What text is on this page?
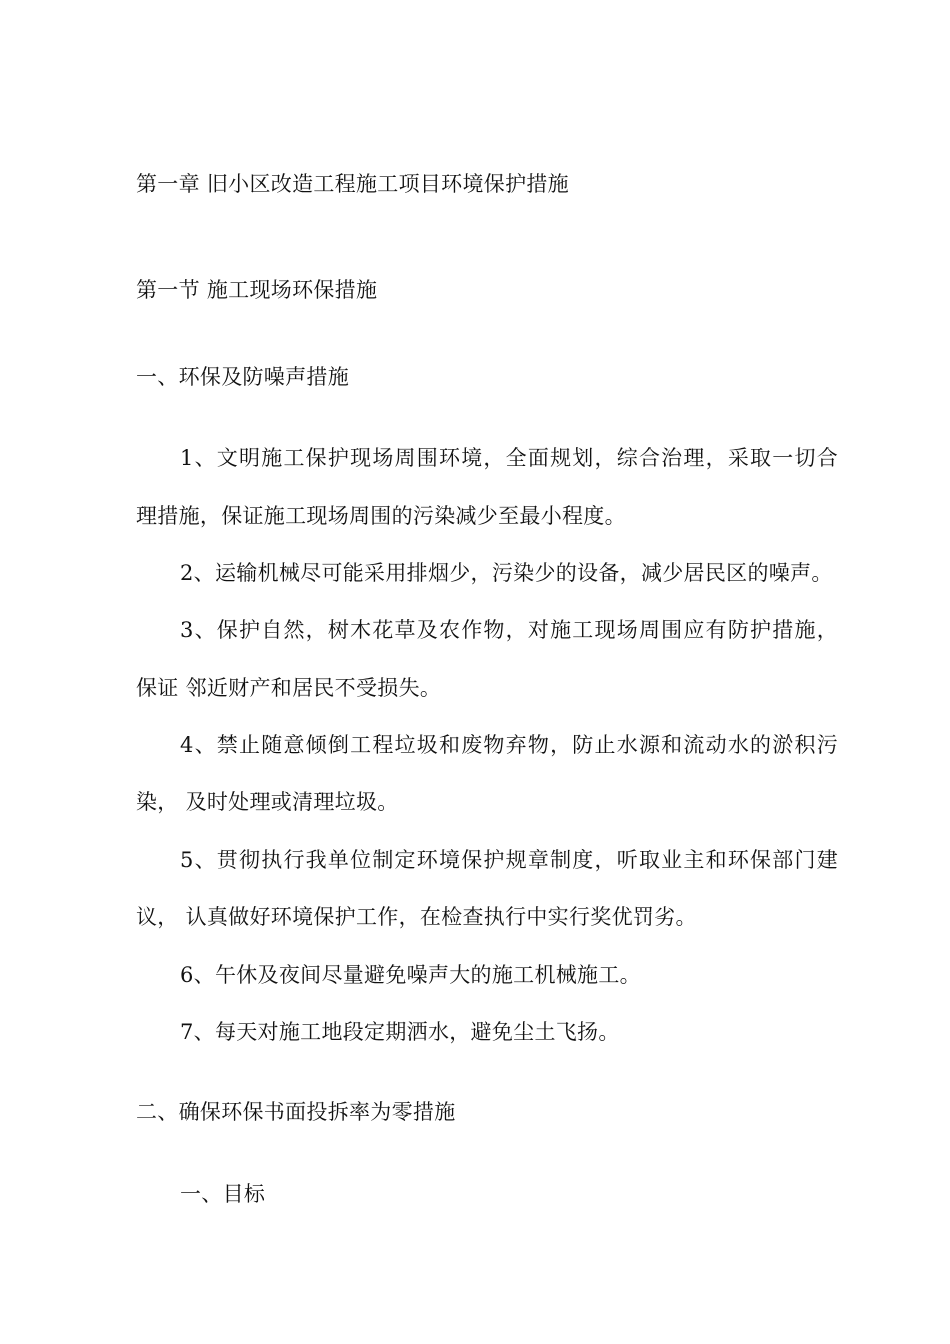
第一章 旧小区改造工程施工项目环境保护措施
第一节 施工现场环保措施
一、环保及防噪声措施
1、文明施工保护现场周围环境，全面规划，综合治理，采取一切合
理措施，保证施工现场周围的污染减少至最小程度。
2、运输机械尽可能采用排烟少，污染少的设备，减少居民区的噪声。
3、保护自然，树木花草及农作物，对施工现场周围应有防护措施，
保证 邻近财产和居民不受损失。
4、禁止随意倾倒工程垃圾和废物弃物，防止水源和流动水的淤积污
染， 及时处理或清理垃圾。
5、贯彻执行我单位制定环境保护规章制度，听取业主和环保部门建
议， 认真做好环境保护工作，在检查执行中实行奖优罚劣。
6、午休及夜间尽量避免噪声大的施工机械施工。
7、每天对施工地段定期洒水，避免尘土飞扬。
二、确保环保书面投拆率为零措施
一、目标
